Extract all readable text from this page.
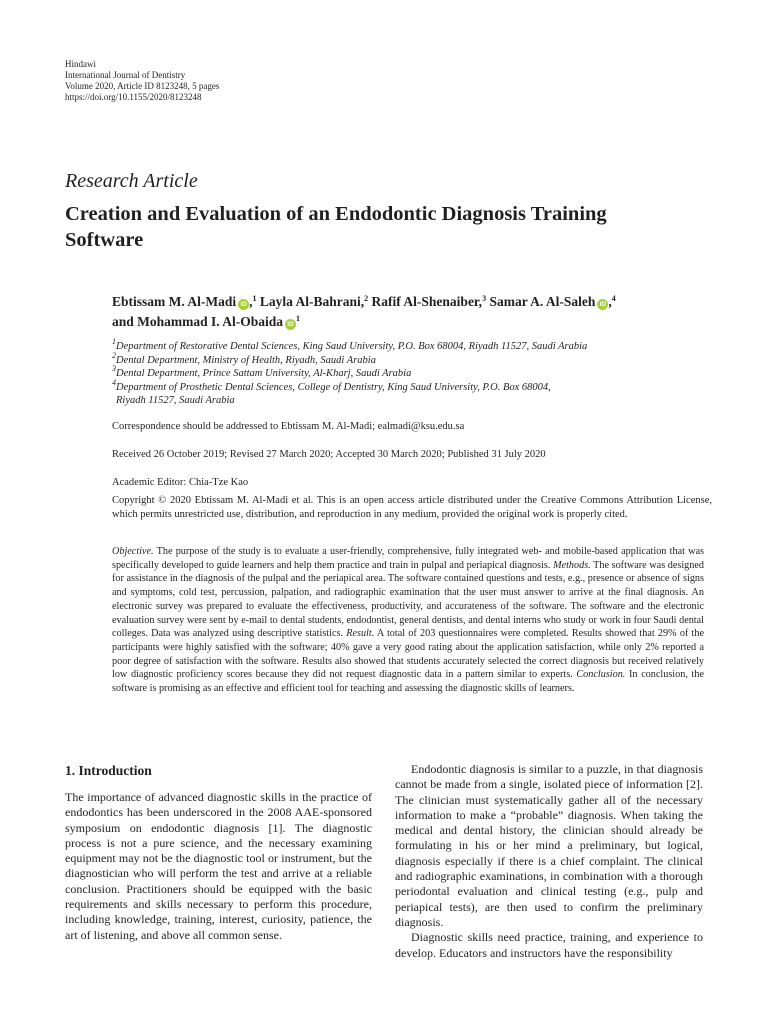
Hindawi
International Journal of Dentistry
Volume 2020, Article ID 8123248, 5 pages
https://doi.org/10.1155/2020/8123248
Research Article
Creation and Evaluation of an Endodontic Diagnosis Training Software
Ebtissam M. Al-Madi iD ,$^1$ Layla Al-Bahrani,$^2$ Rafif Al-Shenaiber,$^3$ Samar A. Al-Saleh iD ,$^4$
and Mohammad I. Al-Obaida $iD^1$
$^1$Department of Restorative Dental Sciences, King Saud University, P.O. Box 68004, Riyadh 11527, Saudi Arabia
$^2$Dental Department, Ministry of Health, Riyadh, Saudi Arabia
$^3$Dental Department, Prince Sattam University, Al-Kharj, Saudi Arabia
$^4$Department of Prosthetic Dental Sciences, College of Dentistry, King Saud University, P.O. Box 68004,
Riyadh 11527, Saudi Arabia
Correspondence should be addressed to Ebtissam M. Al-Madi; ealmadi@ksu.edu.sa
Received 26 October 2019; Revised 27 March 2020; Accepted 30 March 2020; Published 31 July 2020
Academic Editor: Chia-Tze Kao
Copyright © 2020 Ebtissam M. Al-Madi et al. This is an open access article distributed under the Creative Commons Attribution License, which permits unrestricted use, distribution, and reproduction in any medium, provided the original work is properly cited.
Objective. The purpose of the study is to evaluate a user-friendly, comprehensive, fully integrated web- and mobile-based application that was specifically developed to guide learners and help them practice and train in pulpal and periapical diagnosis. Methods. The software was designed for assistance in the diagnosis of the pulpal and the periapical area. The software contained questions and tests, e.g., presence or absence of signs and symptoms, cold test, percussion, palpation, and radiographic examination that the user must answer to arrive at the final diagnosis. An electronic survey was prepared to evaluate the effectiveness, productivity, and accurateness of the software. The software and the electronic evaluation survey were sent by e-mail to dental students, endodontist, general dentists, and dental interns who study or work in four Saudi dental colleges. Data was analyzed using descriptive statistics. Result. A total of 203 questionnaires were completed. Results showed that 29% of the participants were highly satisfied with the software; 40% gave a very good rating about the application satisfaction, while only 2% reported a poor degree of satisfaction with the software. Results also showed that students accurately selected the correct diagnosis but received relatively low diagnostic proficiency scores because they did not request diagnostic data in a pattern similar to experts. Conclusion. In conclusion, the software is promising as an effective and efficient tool for teaching and assessing the diagnostic skills of learners.
1. Introduction

The importance of advanced diagnostic skills in the practice of endodontics has been underscored in the 2008 AAE-sponsored symposium on endodontic diagnosis [1]. The diagnostic process is not a pure science, and the necessary examining equipment may not be the diagnostic tool or instrument, but the diagnostician who will perform the test and arrive at a reliable conclusion. Practitioners should be equipped with the basic requirements and skills necessary to perform this procedure, including knowledge, training, interest, curiosity, patience, the art of listening, and above all common sense.

Endodontic diagnosis is similar to a puzzle, in that diagnosis cannot be made from a single, isolated piece of information [2]. The clinician must systematically gather all of the necessary information to make a “probable” diagnosis. When taking the medical and dental history, the clinician should already be formulating in his or her mind a preliminary, but logical, diagnosis especially if there is a chief complaint. The clinical and radiographic examinations, in combination with a thorough periodontal evaluation and clinical testing (e.g., pulp and periapical tests), are then used to confirm the preliminary diagnosis.

Diagnostic skills need practice, training, and experience to develop. Educators and instructors have the responsibility
